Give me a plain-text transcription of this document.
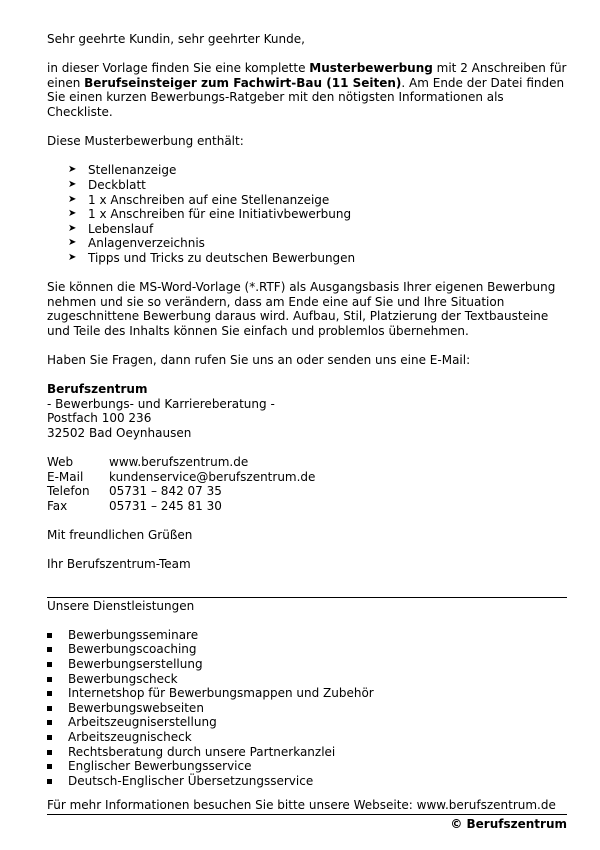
Sehr geehrte Kundin, sehr geehrter Kunde,

in dieser Vorlage finden Sie eine komplette Musterbewerbung mit 2 Anschreiben für einen Berufseinsteiger zum Fachwirt-Bau (11 Seiten). Am Ende der Datei finden Sie einen kurzen Bewerbungs-Ratgeber mit den nötigsten Informationen als Checkliste.

Diese Musterbewerbung enthält:

➤ Stellenanzeige
➤ Deckblatt
➤ 1 x Anschreiben auf eine Stellenanzeige
➤ 1 x Anschreiben für eine Initiativbewerbung
➤ Lebenslauf
➤ Anlagenverzeichnis
➤ Tipps und Tricks zu deutschen Bewerbungen

Sie können die MS-Word-Vorlage (*.RTF) als Ausgangsbasis Ihrer eigenen Bewerbung nehmen und sie so verändern, dass am Ende eine auf Sie und Ihre Situation zugeschnittene Bewerbung daraus wird. Aufbau, Stil, Platzierung der Textbausteine und Teile des Inhalts können Sie einfach und problemlos übernehmen.

Haben Sie Fragen, dann rufen Sie uns an oder senden uns eine E-Mail:

Berufszentrum

- Bewerbungs- und Karriereberatung -

Postfach 100 236

32502 Bad Oeynhausen

Web	www.berufszentrum.de
E-Mail	kundenservice@berufszentrum.de
Telefon	05731 – 842 07 35
Fax	05731 – 245 81 30

Mit freundlichen Grüßen

Ihr Berufszentrum-Team

Unsere Dienstleistungen

Bewerbungsseminare
Bewerbungscoaching
Bewerbungserstellung
Bewerbungscheck
Internetshop für Bewerbungsmappen und Zubehör
Bewerbungswebseiten
Arbeitszeugniserstellung
Arbeitszeugnischeck
Rechtsberatung durch unsere Partnerkanzlei
Englischer Bewerbungsservice
Deutsch-Englischer Übersetzungsservice

Für mehr Informationen besuchen Sie bitte unsere Webseite: www.berufszentrum.de

© Berufszentrum
